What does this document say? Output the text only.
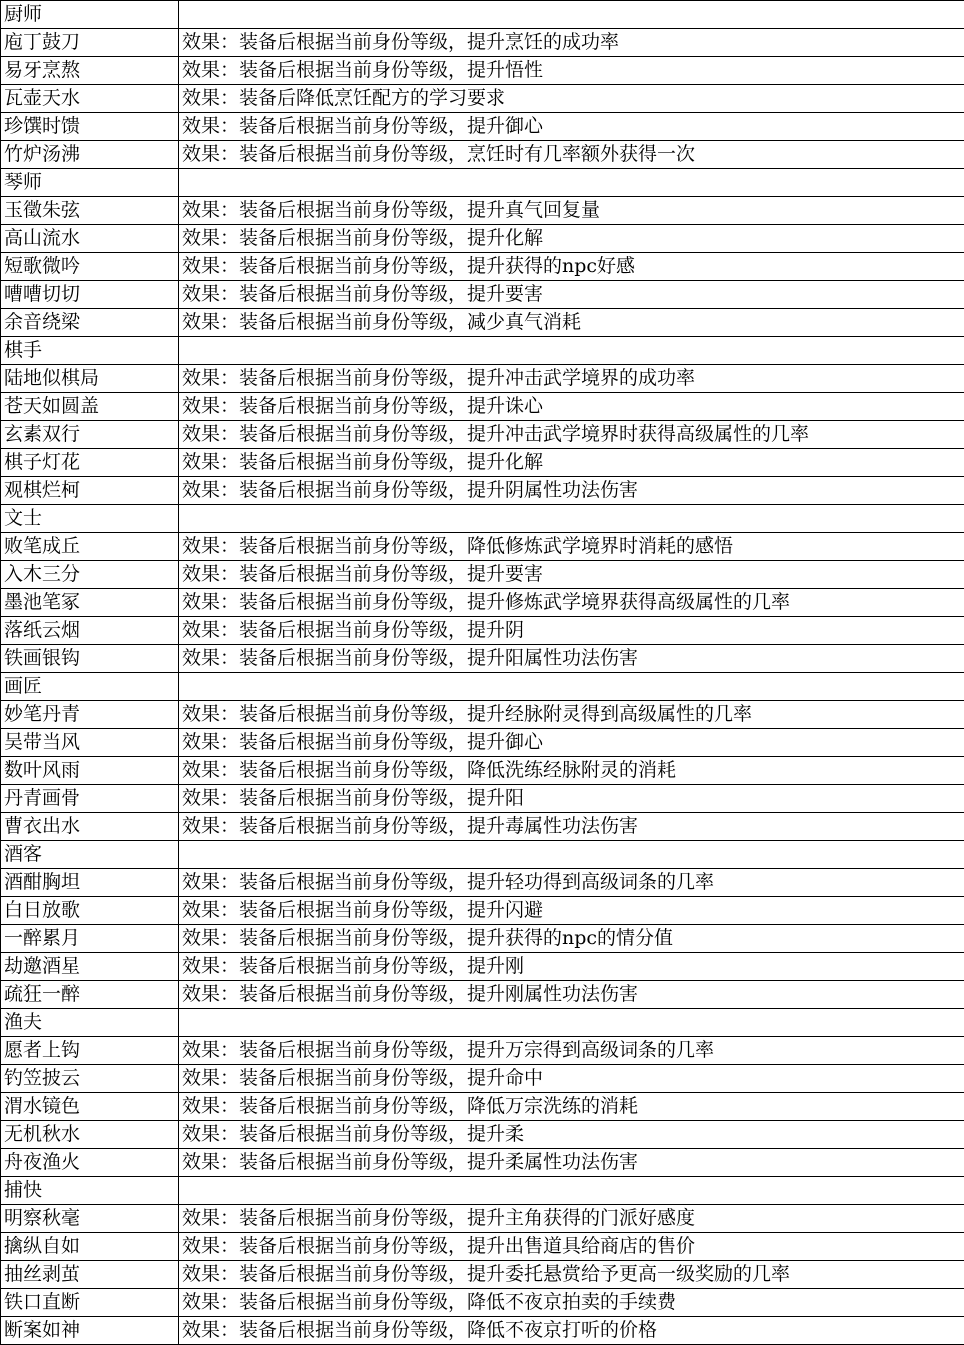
厨师	
庖丁鼓刀	效果：装备后根据当前身份等级，提升烹饪的成功率
易牙烹熬	效果：装备后根据当前身份等级，提升悟性
瓦壶天水	效果：装备后降低烹饪配方的学习要求
珍馔时馈	效果：装备后根据当前身份等级，提升御心
竹炉汤沸	效果：装备后根据当前身份等级，烹饪时有几率额外获得一次
琴师	
玉徵朱弦	效果：装备后根据当前身份等级，提升真气回复量
高山流水	效果：装备后根据当前身份等级，提升化解
短歌微吟	效果：装备后根据当前身份等级，提升获得的npc好感
嘈嘈切切	效果：装备后根据当前身份等级，提升要害
余音绕梁	效果：装备后根据当前身份等级，减少真气消耗
棋手	
陆地似棋局	效果：装备后根据当前身份等级，提升冲击武学境界的成功率
苍天如圆盖	效果：装备后根据当前身份等级，提升诛心
玄素双行	效果：装备后根据当前身份等级，提升冲击武学境界时获得高级属性的几率
棋子灯花	效果：装备后根据当前身份等级，提升化解
观棋烂柯	效果：装备后根据当前身份等级，提升阴属性功法伤害
文士	
败笔成丘	效果：装备后根据当前身份等级，降低修炼武学境界时消耗的感悟
入木三分	效果：装备后根据当前身份等级，提升要害
墨池笔冢	效果：装备后根据当前身份等级，提升修炼武学境界获得高级属性的几率
落纸云烟	效果：装备后根据当前身份等级，提升阴
铁画银钩	效果：装备后根据当前身份等级，提升阳属性功法伤害
画匠	
妙笔丹青	效果：装备后根据当前身份等级，提升经脉附灵得到高级属性的几率
吴带当风	效果：装备后根据当前身份等级，提升御心
数叶风雨	效果：装备后根据当前身份等级，降低洗练经脉附灵的消耗
丹青画骨	效果：装备后根据当前身份等级，提升阳
曹衣出水	效果：装备后根据当前身份等级，提升毒属性功法伤害
酒客	
酒酣胸坦	效果：装备后根据当前身份等级，提升轻功得到高级词条的几率
白日放歌	效果：装备后根据当前身份等级，提升闪避
一醉累月	效果：装备后根据当前身份等级，提升获得的npc的情分值
劫邀酒星	效果：装备后根据当前身份等级，提升刚
疏狂一醉	效果：装备后根据当前身份等级，提升刚属性功法伤害
渔夫	
愿者上钩	效果：装备后根据当前身份等级，提升万宗得到高级词条的几率
钓笠披云	效果：装备后根据当前身份等级，提升命中
渭水镜色	效果：装备后根据当前身份等级，降低万宗洗练的消耗
无机秋水	效果：装备后根据当前身份等级，提升柔
舟夜渔火	效果：装备后根据当前身份等级，提升柔属性功法伤害
捕快	
明察秋毫	效果：装备后根据当前身份等级，提升主角获得的门派好感度
擒纵自如	效果：装备后根据当前身份等级，提升出售道具给商店的售价
抽丝剥茧	效果：装备后根据当前身份等级，提升委托悬赏给予更高一级奖励的几率
铁口直断	效果：装备后根据当前身份等级，降低不夜京拍卖的手续费
断案如神	效果：装备后根据当前身份等级，降低不夜京打听的价格
